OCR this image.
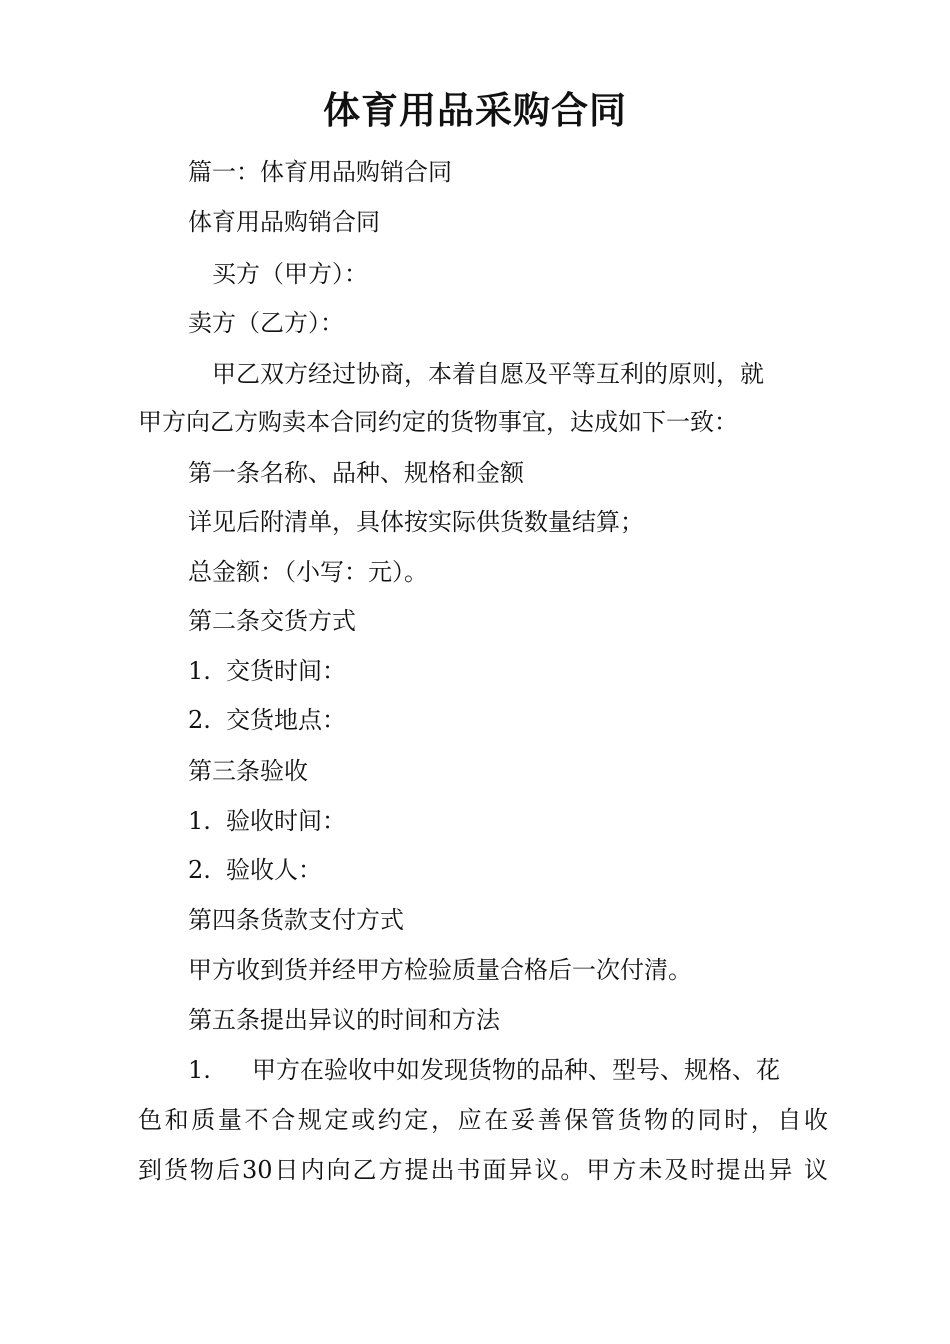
体育用品采购合同

篇一：体育用品购销合同

体育用品购销合同

买方（甲方）：

卖方（乙方）：

甲乙双方经过协商，本着自愿及平等互利的原则，就

甲方向乙方购卖本合同约定的货物事宜，达成如下一致：

第一条名称、品种、规格和金额

详见后附清单，具体按实际供货数量结算；

总金额：（小写：元）。

第二条交货方式

1. 交货时间：

2. 交货地点：

第三条验收

1. 验收时间：

2. 验收人：

第四条货款支付方式

甲方收到货并经甲方检验质量合格后一次付清。

第五条提出异议的时间和方法

1. 甲方在验收中如发现货物的品种、型号、规格、花

色和质量不合规定或约定，应在妥善保管货物的同时，自收

到货物后30日内向乙方提出书面异议。甲方未及时提出异 议
